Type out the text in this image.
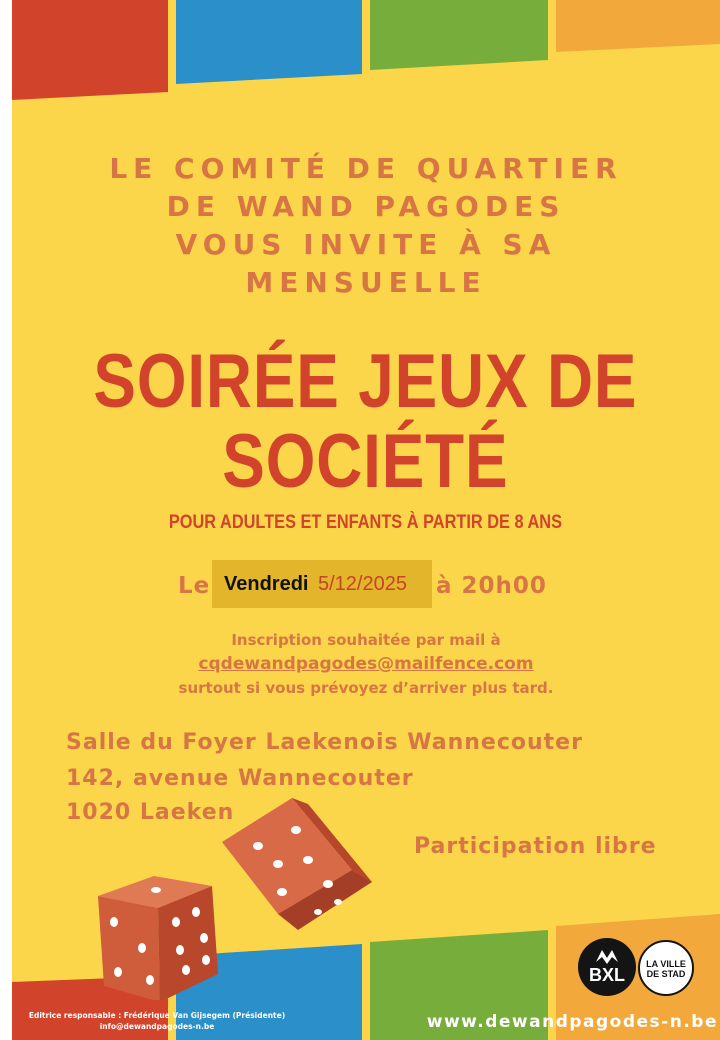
LE COMITÉ DE QUARTIER
DE WAND PAGODES
VOUS INVITE À SA
MENSUELLE
SOIRÉE JEUX DE
SOCIÉTÉ
POUR ADULTES ET ENFANTS À PARTIR DE 8 ANS
Le Vendredi 5/12/2025 à 20h00
Inscription souhaitée par mail à
cqdewandpagodes@mailfence.com
surtout si vous prévoyez d’arriver plus tard.
Salle du Foyer Laekenois Wannecouter
142, avenue Wannecouter
1020 Laeken
Participation libre
BXL
LA VILLE
DE STAD
Editrice responsable : Frédérique Van Gijsegem (Présidente)
info@dewandpagodes-n.be	www.dewandpagodes-n.be
